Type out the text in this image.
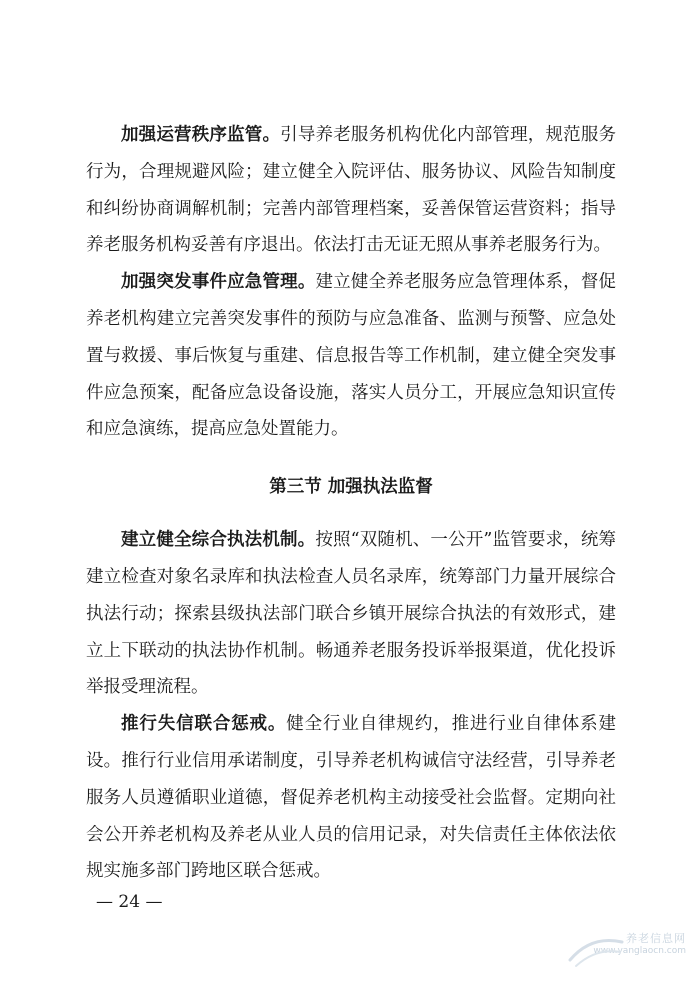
加强运营秩序监管。引导养老服务机构优化内部管理，规范服务行为，合理规避风险；建立健全入院评估、服务协议、风险告知制度和纠纷协商调解机制；完善内部管理档案，妥善保管运营资料；指导养老服务机构妥善有序退出。依法打击无证无照从事养老服务行为。

加强突发事件应急管理。建立健全养老服务应急管理体系，督促养老机构建立完善突发事件的预防与应急准备、监测与预警、应急处置与救援、事后恢复与重建、信息报告等工作机制，建立健全突发事件应急预案，配备应急设备设施，落实人员分工，开展应急知识宣传和应急演练，提高应急处置能力。

第三节 加强执法监督

建立健全综合执法机制。按照“双随机、一公开”监管要求，统筹建立检查对象名录库和执法检查人员名录库，统筹部门力量开展综合执法行动；探索县级执法部门联合乡镇开展综合执法的有效形式，建立上下联动的执法协作机制。畅通养老服务投诉举报渠道，优化投诉举报受理流程。

推行失信联合惩戒。健全行业自律规约，推进行业自律体系建设。推行行业信用承诺制度，引导养老机构诚信守法经营，引导养老服务人员遵循职业道德，督促养老机构主动接受社会监督。定期向社会公开养老机构及养老从业人员的信用记录，对失信责任主体依法依规实施多部门跨地区联合惩戒。

— 24 —
养老信息网
www.yanglaocn.com
